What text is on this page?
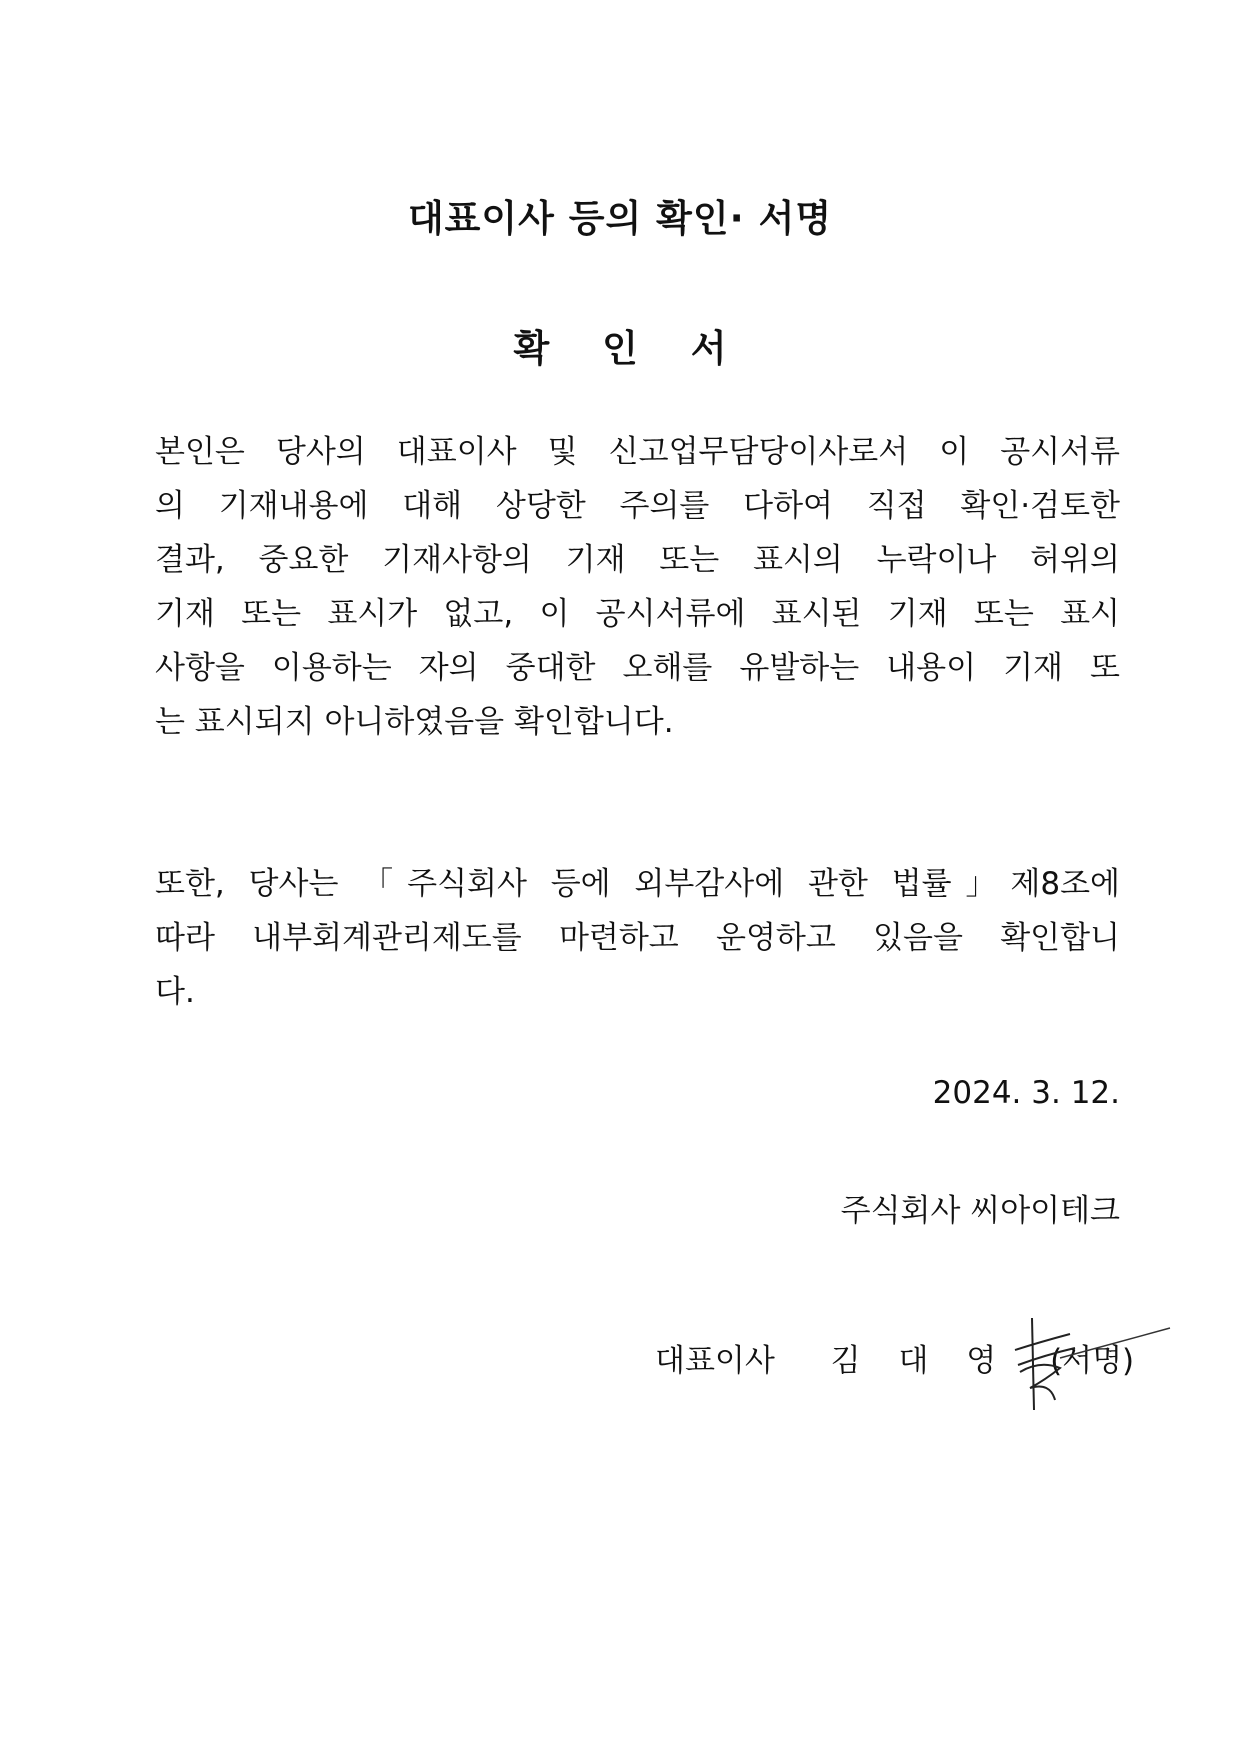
대표이사 등의 확인· 서명
확 인 서
본인은 당사의 대표이사 및 신고업무담당이사로서 이 공시서류
의 기재내용에 대해 상당한 주의를 다하여 직접 확인·검토한
결과, 중요한 기재사항의 기재 또는 표시의 누락이나 허위의
기재 또는 표시가 없고, 이 공시서류에 표시된 기재 또는 표시
사항을 이용하는 자의 중대한 오해를 유발하는 내용이 기재 또
는 표시되지 아니하였음을 확인합니다.
또한, 당사는 「주식회사 등에 외부감사에 관한 법률」제8조에
따라 내부회계관리제도를 마련하고 운영하고 있음을 확인합니
다.
2024. 3. 12.
주식회사 씨아이테크
대표이사 김 대 영 (서명)
